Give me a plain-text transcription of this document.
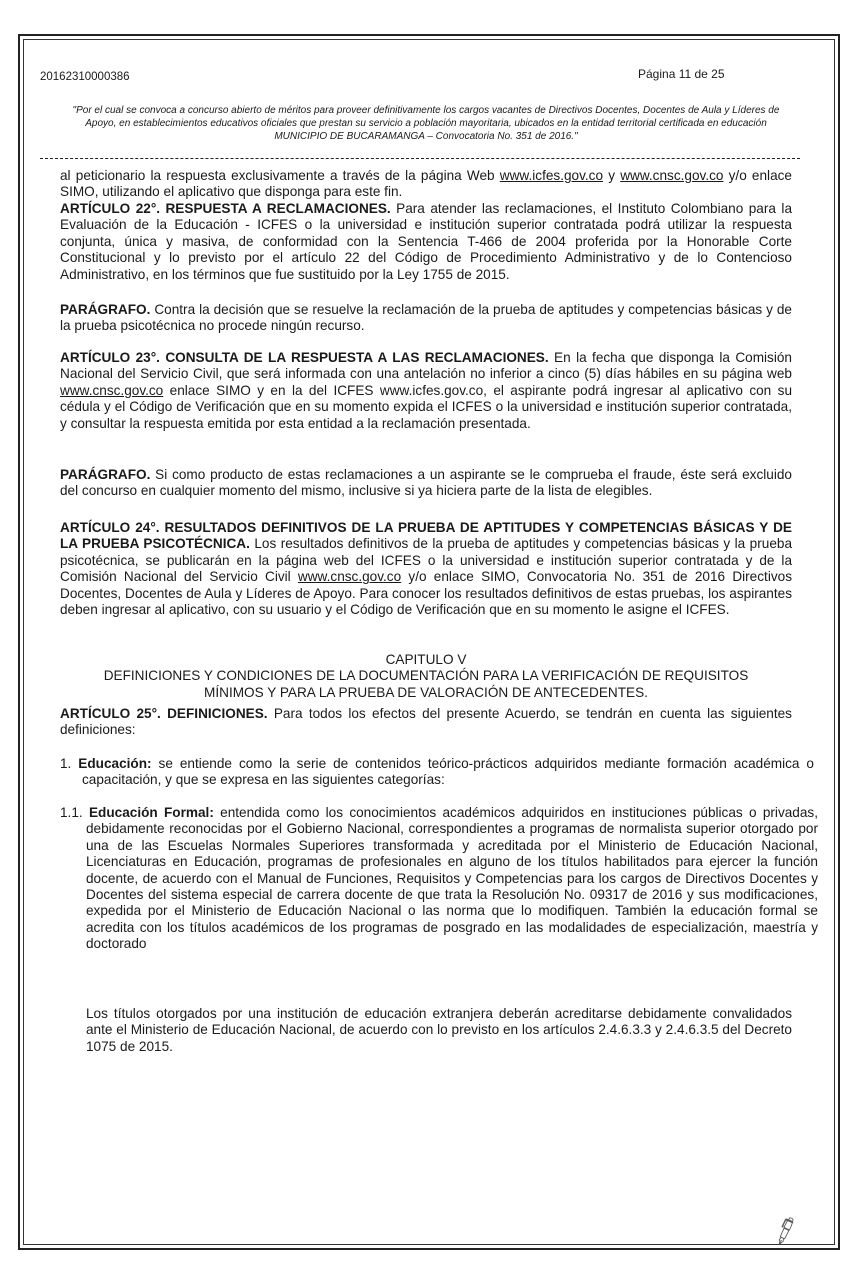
20162310000386	Página 11 de 25
"Por el cual se convoca a concurso abierto de méritos para proveer definitivamente los cargos vacantes de Directivos Docentes, Docentes de Aula y Líderes de Apoyo, en establecimientos educativos oficiales que prestan su servicio a población mayoritaria, ubicados en la entidad territorial certificada en educación MUNICIPIO DE BUCARAMANGA – Convocatoria No. 351 de 2016."
al peticionario la respuesta exclusivamente a través de la página Web www.icfes.gov.co y www.cnsc.gov.co y/o enlace SIMO, utilizando el aplicativo que disponga para este fin.
ARTÍCULO 22°. RESPUESTA A RECLAMACIONES. Para atender las reclamaciones, el Instituto Colombiano para la Evaluación de la Educación - ICFES o la universidad e institución superior contratada podrá utilizar la respuesta conjunta, única y masiva, de conformidad con la Sentencia T-466 de 2004 proferida por la Honorable Corte Constitucional y lo previsto por el artículo 22 del Código de Procedimiento Administrativo y de lo Contencioso Administrativo, en los términos que fue sustituido por la Ley 1755 de 2015.
PARÁGRAFO. Contra la decisión que se resuelve la reclamación de la prueba de aptitudes y competencias básicas y de la prueba psicotécnica no procede ningún recurso.
ARTÍCULO 23°. CONSULTA DE LA RESPUESTA A LAS RECLAMACIONES. En la fecha que disponga la Comisión Nacional del Servicio Civil, que será informada con una antelación no inferior a cinco (5) días hábiles en su página web www.cnsc.gov.co enlace SIMO y en la del ICFES www.icfes.gov.co, el aspirante podrá ingresar al aplicativo con su cédula y el Código de Verificación que en su momento expida el ICFES o la universidad e institución superior contratada, y consultar la respuesta emitida por esta entidad a la reclamación presentada.
PARÁGRAFO. Si como producto de estas reclamaciones a un aspirante se le comprueba el fraude, éste será excluido del concurso en cualquier momento del mismo, inclusive si ya hiciera parte de la lista de elegibles.
ARTÍCULO 24°. RESULTADOS DEFINITIVOS DE LA PRUEBA DE APTITUDES Y COMPETENCIAS BÁSICAS Y DE LA PRUEBA PSICOTÉCNICA. Los resultados definitivos de la prueba de aptitudes y competencias básicas y la prueba psicotécnica, se publicarán en la página web del ICFES o la universidad e institución superior contratada y de la Comisión Nacional del Servicio Civil www.cnsc.gov.co y/o enlace SIMO, Convocatoria No. 351 de 2016 Directivos Docentes, Docentes de Aula y Líderes de Apoyo. Para conocer los resultados definitivos de estas pruebas, los aspirantes deben ingresar al aplicativo, con su usuario y el Código de Verificación que en su momento le asigne el ICFES.
CAPITULO V
DEFINICIONES Y CONDICIONES DE LA DOCUMENTACIÓN PARA LA VERIFICACIÓN DE REQUISITOS MÍNIMOS Y PARA LA PRUEBA DE VALORACIÓN DE ANTECEDENTES.
ARTÍCULO 25°. DEFINICIONES. Para todos los efectos del presente Acuerdo, se tendrán en cuenta las siguientes definiciones:
1. Educación: se entiende como la serie de contenidos teórico-prácticos adquiridos mediante formación académica o capacitación, y que se expresa en las siguientes categorías:
1.1. Educación Formal: entendida como los conocimientos académicos adquiridos en instituciones públicas o privadas, debidamente reconocidas por el Gobierno Nacional, correspondientes a programas de normalista superior otorgado por una de las Escuelas Normales Superiores transformada y acreditada por el Ministerio de Educación Nacional, Licenciaturas en Educación, programas de profesionales en alguno de los títulos habilitados para ejercer la función docente, de acuerdo con el Manual de Funciones, Requisitos y Competencias para los cargos de Directivos Docentes y Docentes del sistema especial de carrera docente de que trata la Resolución No. 09317 de 2016 y sus modificaciones, expedida por el Ministerio de Educación Nacional o las norma que lo modifiquen. También la educación formal se acredita con los títulos académicos de los programas de posgrado en las modalidades de especialización, maestría y doctorado
Los títulos otorgados por una institución de educación extranjera deberán acreditarse debidamente convalidados ante el Ministerio de Educación Nacional, de acuerdo con lo previsto en los artículos 2.4.6.3.3 y 2.4.6.3.5 del Decreto 1075 de 2015.
🖋
